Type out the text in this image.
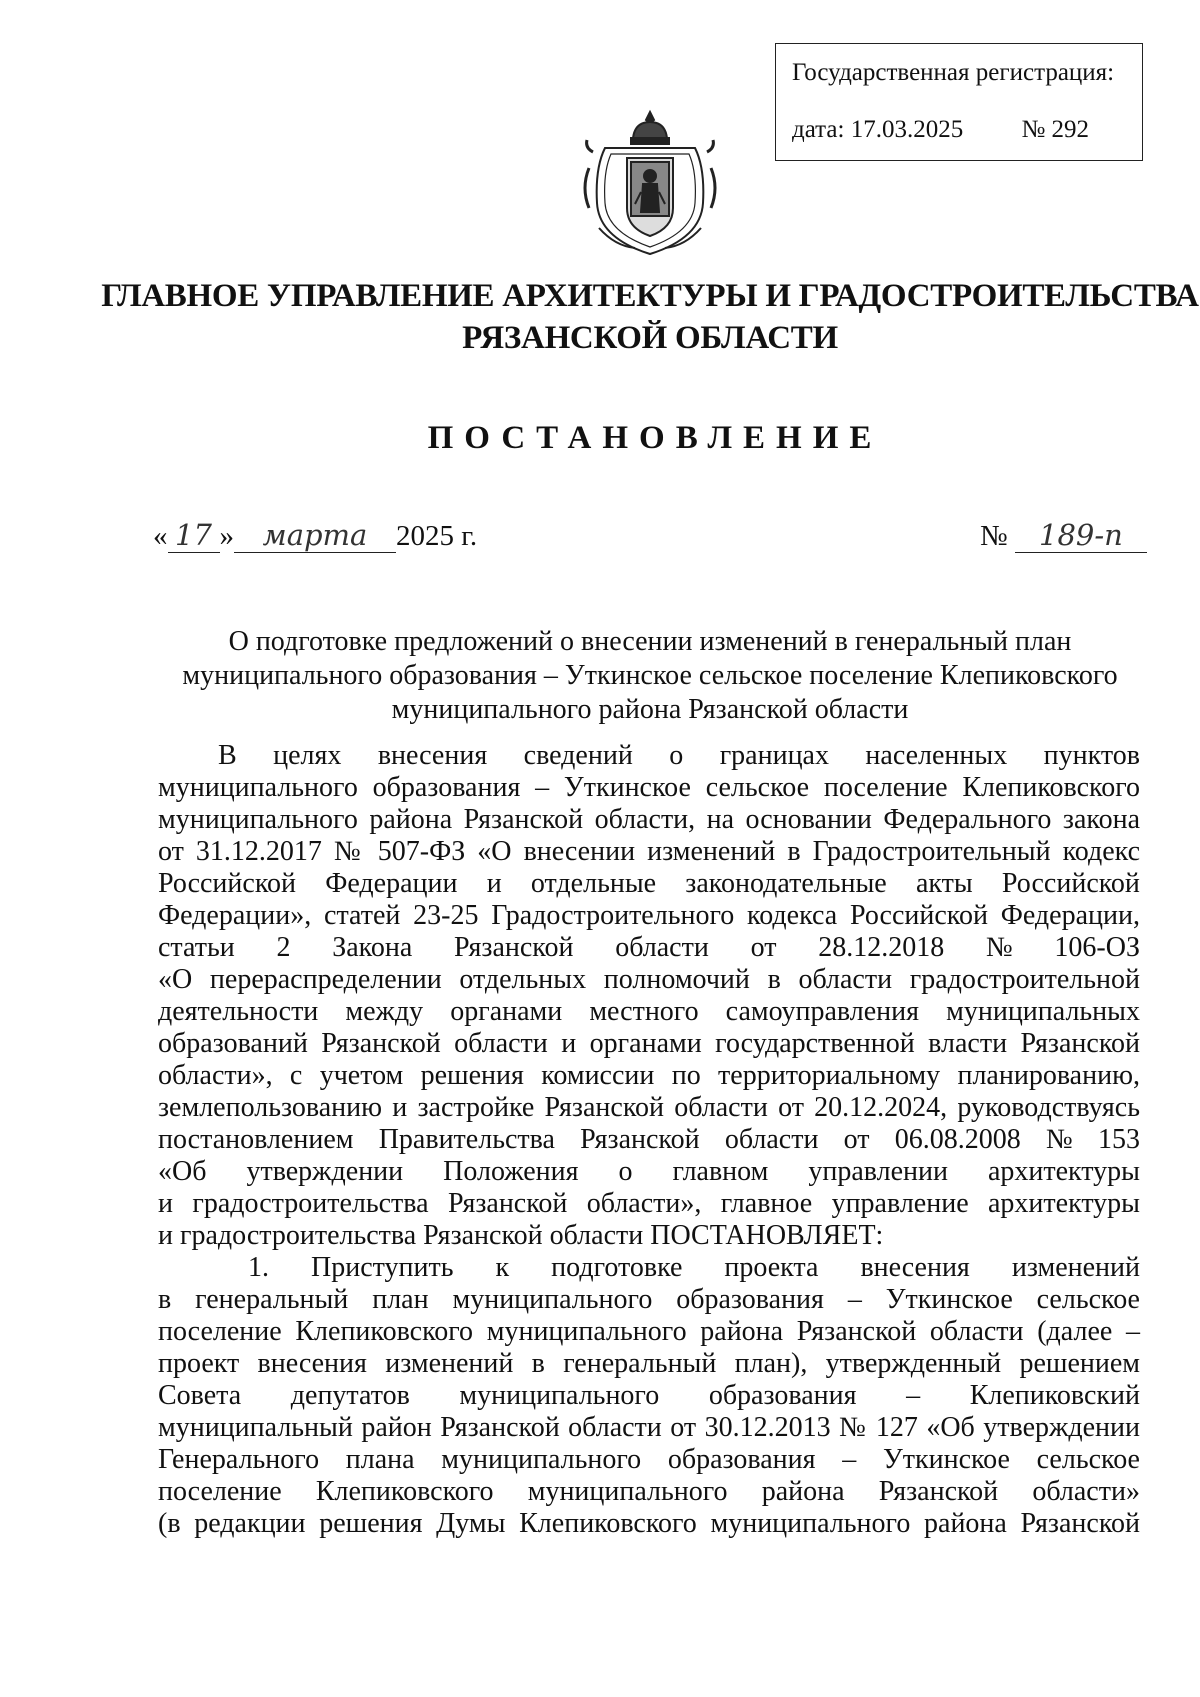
Государственная регистрация:
дата: 17.03.2025 № 292
ГЛАВНОЕ УПРАВЛЕНИЕ АРХИТЕКТУРЫ И ГРАДОСТРОИТЕЛЬСТВА
РЯЗАНСКОЙ ОБЛАСТИ
ПОСТАНОВЛЕНИЕ
« 17 » марта 2025 г.	№ 189-п
О подготовке предложений о внесении изменений в генеральный план
муниципального образования – Уткинское сельское поселение Клепиковского
муниципального района Рязанской области
В целях внесения сведений о границах населенных пунктов
муниципального образования – Уткинское сельское поселение Клепиковского
муниципального района Рязанской области, на основании Федерального закона
от 31.12.2017 № 507-ФЗ «О внесении изменений в Градостроительный кодекс
Российской Федерации и отдельные законодательные акты Российской
Федерации», статей 23-25 Градостроительного кодекса Российской Федерации,
статьи 2 Закона Рязанской области от 28.12.2018 № 106-ОЗ
«О перераспределении отдельных полномочий в области градостроительной
деятельности между органами местного самоуправления муниципальных
образований Рязанской области и органами государственной власти Рязанской
области», с учетом решения комиссии по территориальному планированию,
землепользованию и застройке Рязанской области от 20.12.2024, руководствуясь
постановлением Правительства Рязанской области от 06.08.2008 № 153
«Об утверждении Положения о главном управлении архитектуры
и градостроительства Рязанской области», главное управление архитектуры
и градостроительства Рязанской области ПОСТАНОВЛЯЕТ:
1. Приступить к подготовке проекта внесения изменений
в генеральный план муниципального образования – Уткинское сельское
поселение Клепиковского муниципального района Рязанской области (далее –
проект внесения изменений в генеральный план), утвержденный решением
Совета депутатов муниципального образования – Клепиковский
муниципальный район Рязанской области от 30.12.2013 № 127 «Об утверждении
Генерального плана муниципального образования – Уткинское сельское
поселение Клепиковского муниципального района Рязанской области»
(в редакции решения Думы Клепиковского муниципального района Рязанской
